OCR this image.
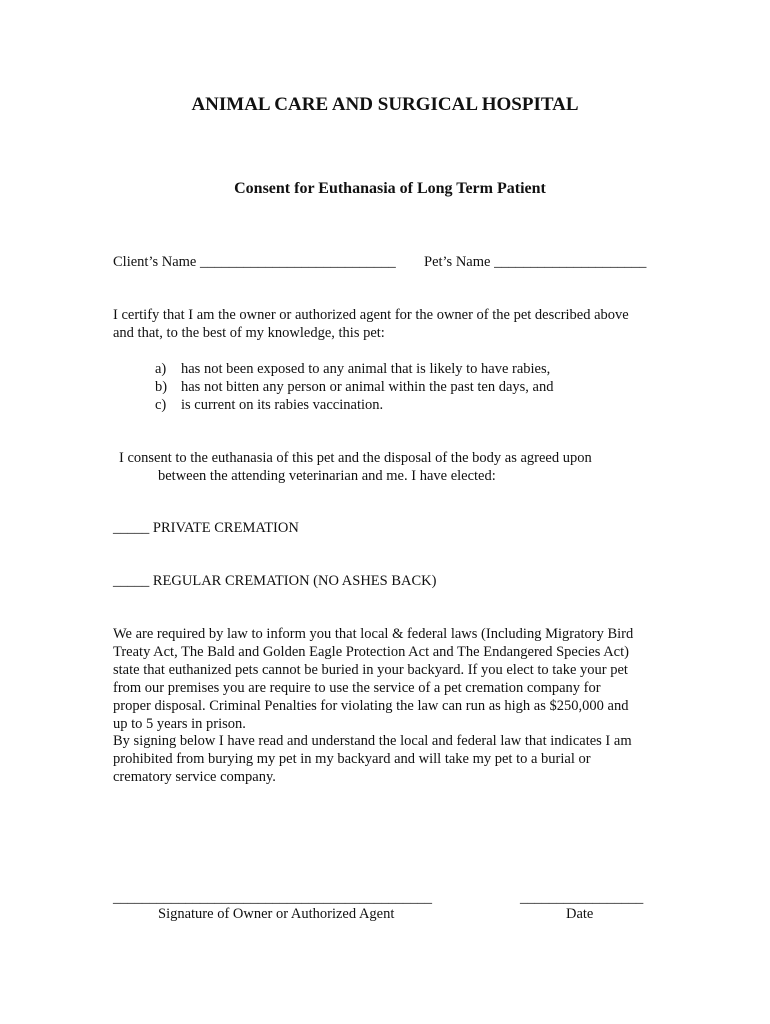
ANIMAL CARE AND SURGICAL HOSPITAL
Consent for Euthanasia of Long Term Patient
Client’s Name ___________________________ Pet’s Name _____________________
I certify that I am the owner or authorized agent for the owner of the pet described above
and that, to the best of my knowledge, this pet:
a) has not been exposed to any animal that is likely to have rabies,
b) has not bitten any person or animal within the past ten days, and
c) is current on its rabies vaccination.
I consent to the euthanasia of this pet and the disposal of the body as agreed upon
between the attending veterinarian and me. I have elected:
_____ PRIVATE CREMATION
_____ REGULAR CREMATION (NO ASHES BACK)
We are required by law to inform you that local & federal laws (Including Migratory Bird
Treaty Act, The Bald and Golden Eagle Protection Act and The Endangered Species Act)
state that euthanized pets cannot be buried in your backyard. If you elect to take your pet
from our premises you are require to use the service of a pet cremation company for
proper disposal. Criminal Penalties for violating the law can run as high as $250,000 and
up to 5 years in prison.
By signing below I have read and understand the local and federal law that indicates I am
prohibited from burying my pet in my backyard and will take my pet to a burial or
crematory service company.
____________________________________________
Signature of Owner or Authorized Agent
_________________
Date
